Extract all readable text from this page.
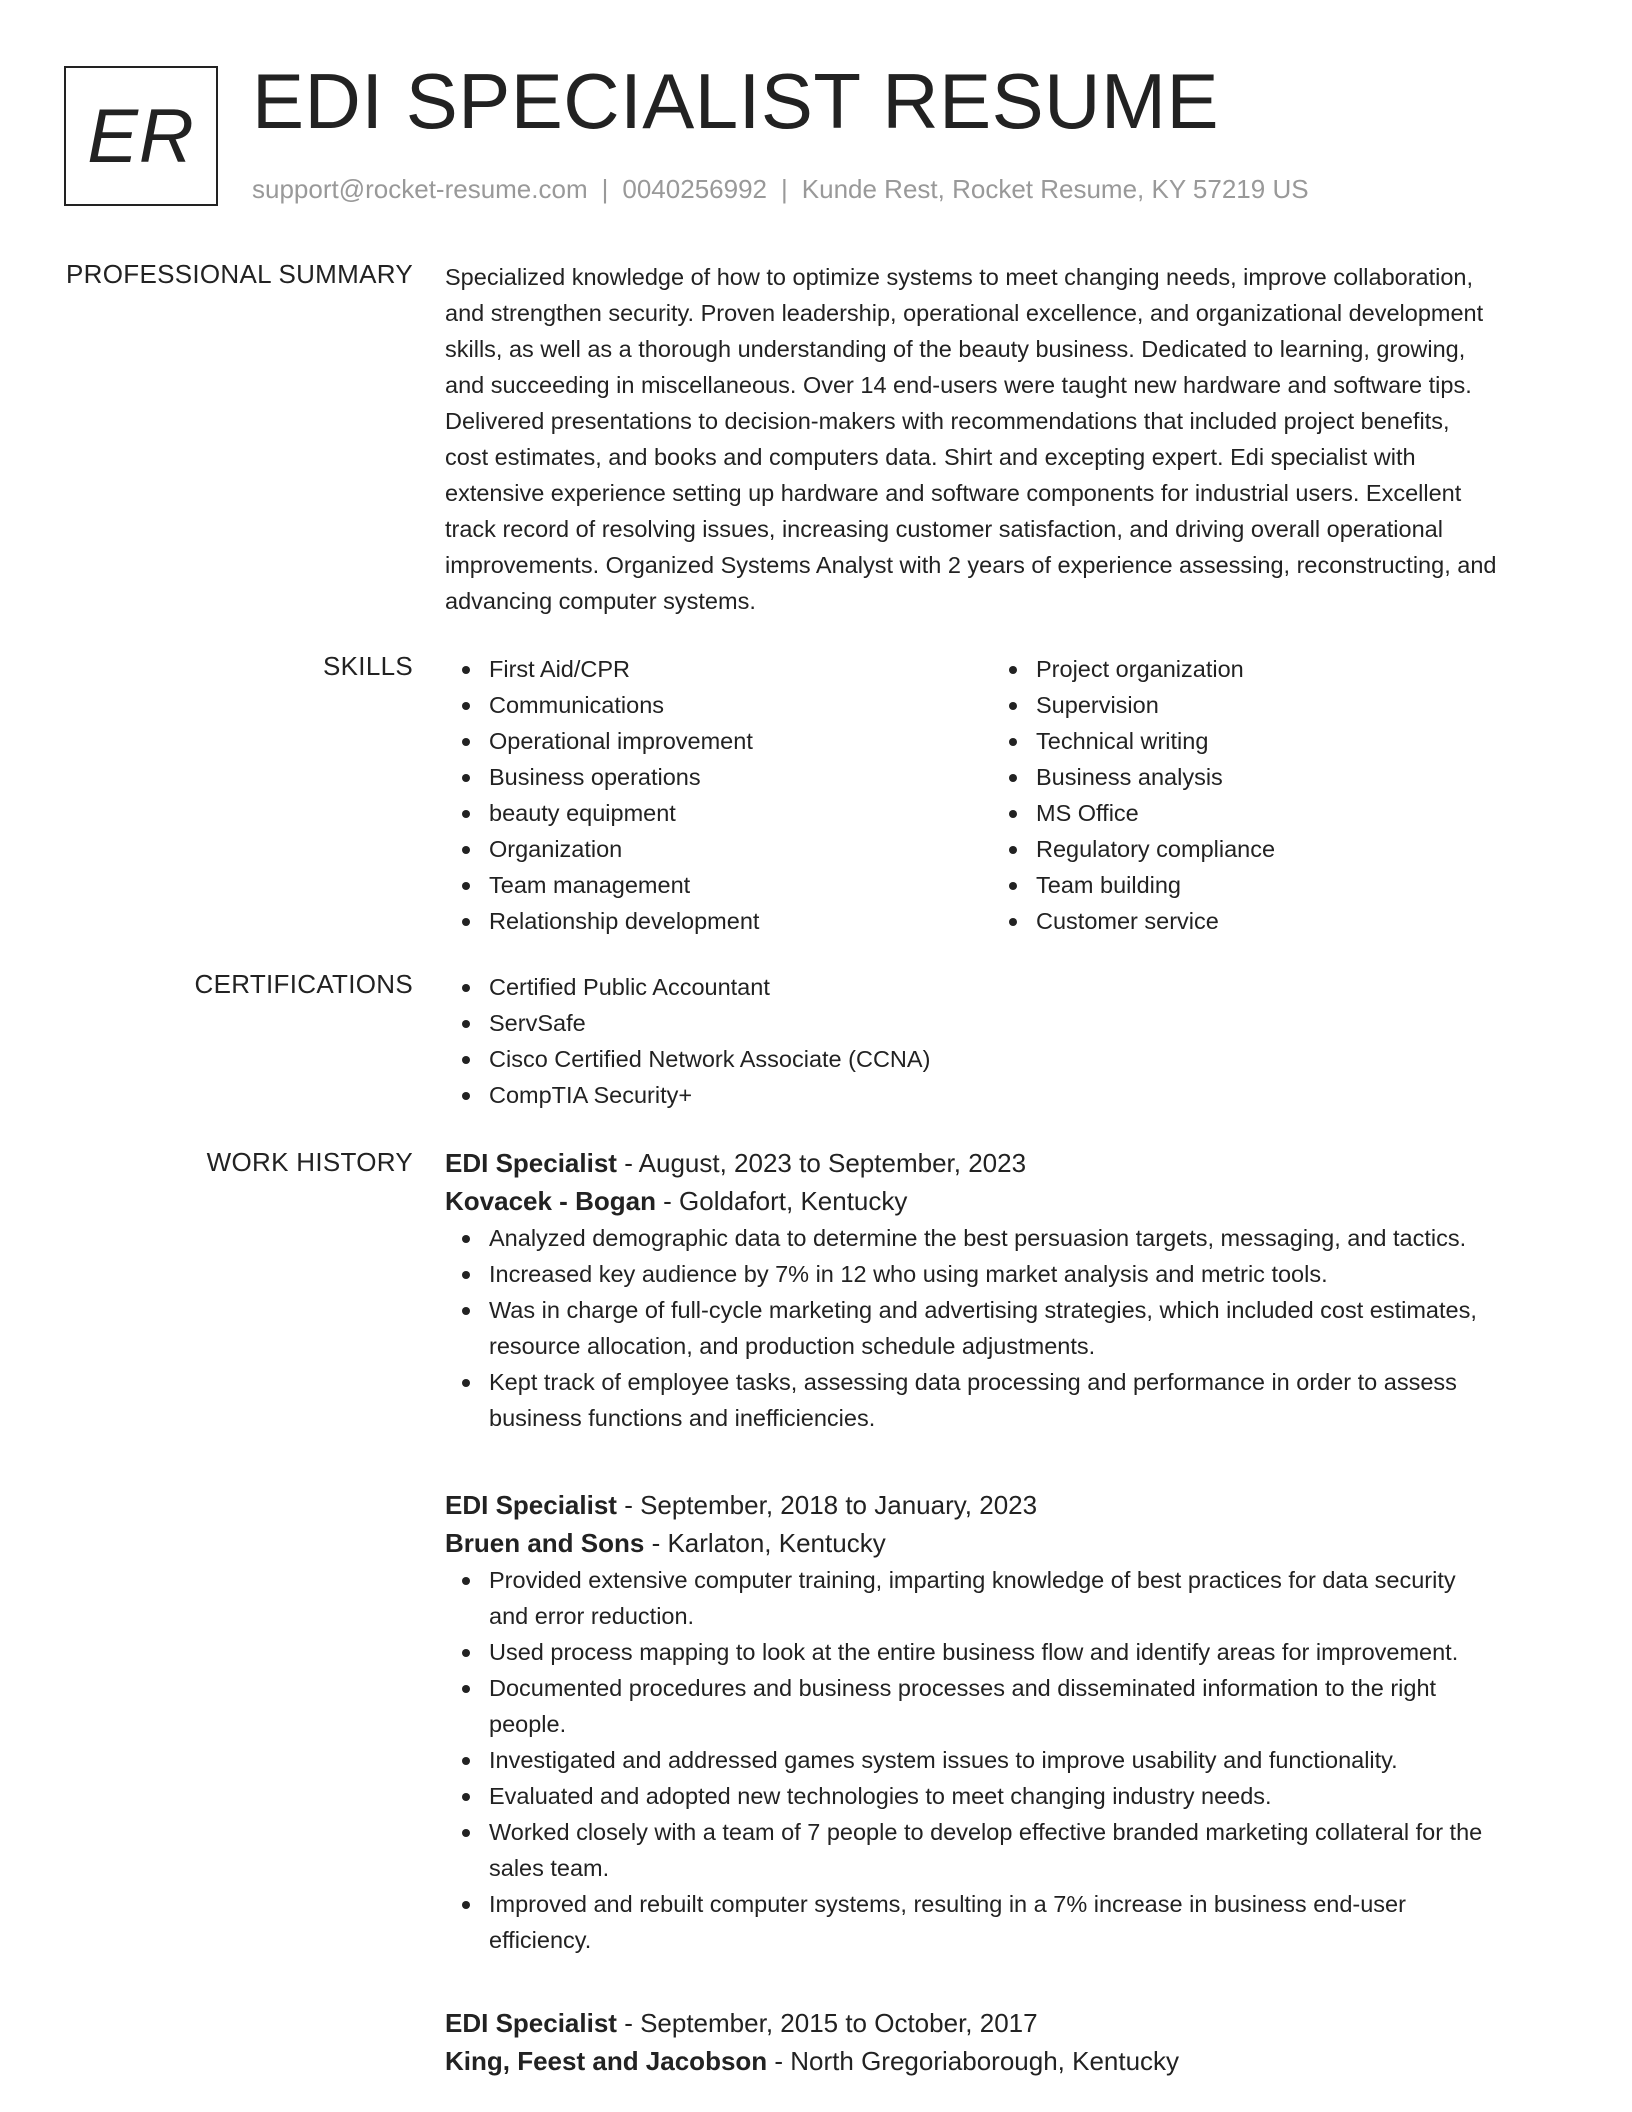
ER EDI SPECIALIST RESUME
support@rocket-resume.com | 0040256992 | Kunde Rest, Rocket Resume, KY 57219 US
PROFESSIONAL SUMMARY Specialized knowledge of how to optimize systems to meet changing needs, improve collaboration,

and strengthen security. Proven leadership, operational excellence, and organizational development

skills, as well as a thorough understanding of the beauty business. Dedicated to learning, growing,

and succeeding in miscellaneous. Over 14 end-users were taught new hardware and software tips.

Delivered presentations to decision-makers with recommendations that included project benefits,

cost estimates, and books and computers data. Shirt and excepting expert. Edi specialist with

extensive experience setting up hardware and software components for industrial users. Excellent

track record of resolving issues, increasing customer satisfaction, and driving overall operational

improvements. Organized Systems Analyst with 2 years of experience assessing, reconstructing, and

advancing computer systems.

SKILLS	First Aid/CPR
Communications
Operational improvement
Business operations
beauty equipment
Organization
Team management
Relationship development
Project organization
Supervision
Technical writing
Business analysis
MS Office
Regulatory compliance
Team building
Customer service
CERTIFICATIONS	Certified Public Accountant
ServSafe
Cisco Certified Network Associate (CCNA)
CompTIA Security+
WORK HISTORY EDI Specialist - August, 2023 to September, 2023
Kovacek - Bogan - Goldafort, Kentucky
Analyzed demographic data to determine the best persuasion targets, messaging, and tactics.
Increased key audience by 7% in 12 who using market analysis and metric tools.
Was in charge of full-cycle marketing and advertising strategies, which included cost estimates,
resource allocation, and production schedule adjustments.
Kept track of employee tasks, assessing data processing and performance in order to assess
business functions and inefficiencies.
EDI Specialist - September, 2018 to January, 2023
Bruen and Sons - Karlaton, Kentucky
Provided extensive computer training, imparting knowledge of best practices for data security
and error reduction.
Used process mapping to look at the entire business flow and identify areas for improvement.
Documented procedures and business processes and disseminated information to the right
people.
Investigated and addressed games system issues to improve usability and functionality.
Evaluated and adopted new technologies to meet changing industry needs.
Worked closely with a team of 7 people to develop effective branded marketing collateral for the
sales team.
Improved and rebuilt computer systems, resulting in a 7% increase in business end-user
efficiency.
EDI Specialist - September, 2015 to October, 2017
King, Feest and Jacobson - North Gregoriaborough, Kentucky
